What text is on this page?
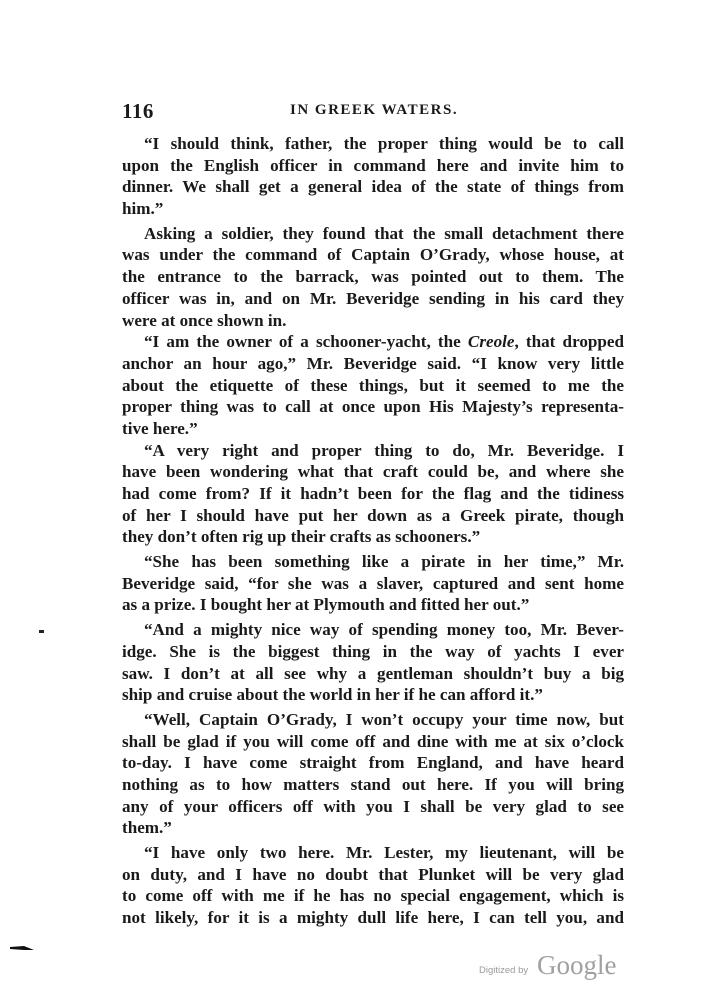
116	IN GREEK WATERS.
“I should think, father, the proper thing would be to call
upon the English officer in command here and invite him to
dinner. We shall get a general idea of the state of things from
him.”
Asking a soldier, they found that the small detachment there
was under the command of Captain O’Grady, whose house, at
the entrance to the barrack, was pointed out to them. The
officer was in, and on Mr. Beveridge sending in his card they
were at once shown in.
“I am the owner of a schooner-yacht, the Creole, that dropped
anchor an hour ago,” Mr. Beveridge said. “I know very little
about the etiquette of these things, but it seemed to me the
proper thing was to call at once upon His Majesty’s representa-
tive here.”
“A very right and proper thing to do, Mr. Beveridge. I
have been wondering what that craft could be, and where she
had come from? If it hadn’t been for the flag and the tidiness
of her I should have put her down as a Greek pirate, though
they don’t often rig up their crafts as schooners.”
“She has been something like a pirate in her time,” Mr.
Beveridge said, “for she was a slaver, captured and sent home
as a prize. I bought her at Plymouth and fitted her out.”
“And a mighty nice way of spending money too, Mr. Bever-
idge. She is the biggest thing in the way of yachts I ever
saw. I don’t at all see why a gentleman shouldn’t buy a big
ship and cruise about the world in her if he can afford it.”
“Well, Captain O’Grady, I won’t occupy your time now, but
shall be glad if you will come off and dine with me at six o’clock
to-day. I have come straight from England, and have heard
nothing as to how matters stand out here. If you will bring
any of your officers off with you I shall be very glad to see
them.”
“I have only two here. Mr. Lester, my lieutenant, will be
on duty, and I have no doubt that Plunket will be very glad
to come off with me if he has no special engagement, which is
not likely, for it is a mighty dull life here, I can tell you, and
Digitized by Google
